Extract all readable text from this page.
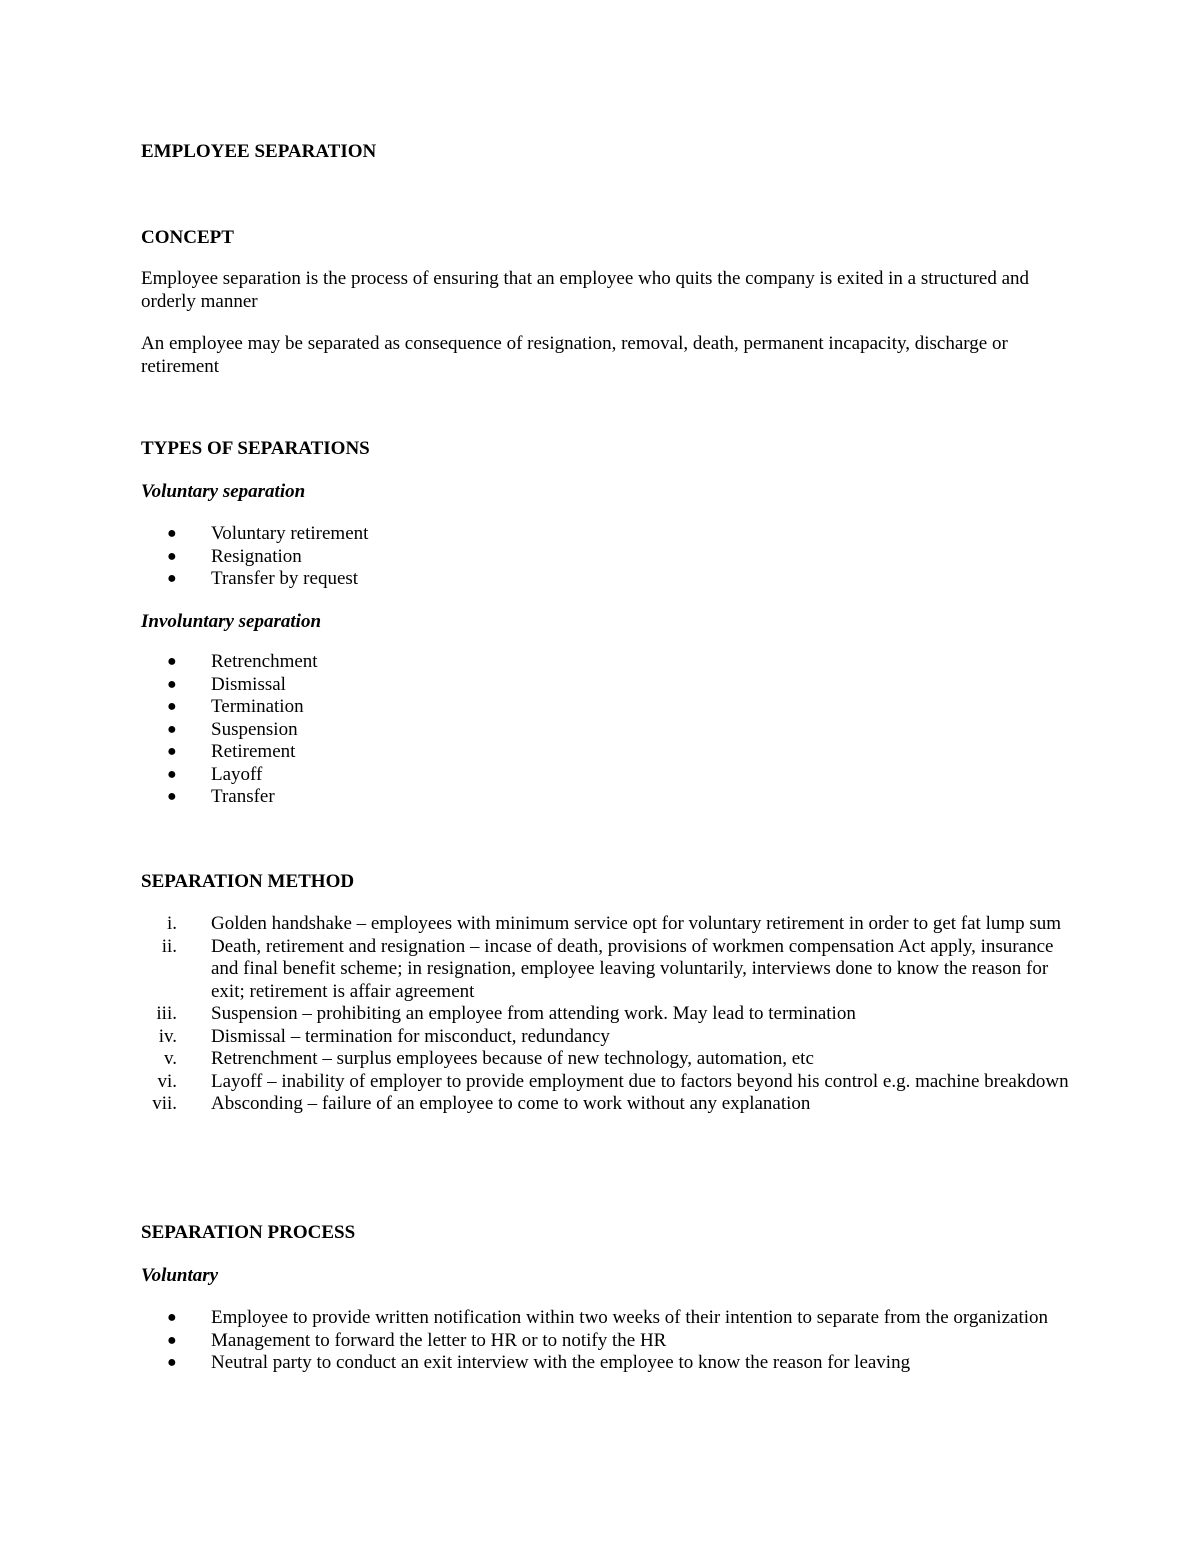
EMPLOYEE SEPARATION
CONCEPT

Employee separation is the process of ensuring that an employee who quits the company is exited in a structured and orderly manner

An employee may be separated as consequence of resignation, removal, death, permanent incapacity, discharge or retirement

TYPES OF SEPARATIONS
Voluntary separation
● Voluntary retirement
● Resignation
● Transfer by request
Involuntary separation
● Retrenchment
● Dismissal
● Termination
● Suspension
● Retirement
● Layoff
● Transfer
SEPARATION METHOD
i. Golden handshake – employees with minimum service opt for voluntary retirement in order to get fat lump sum
ii. Death, retirement and resignation – incase of death, provisions of workmen compensation Act apply, insurance and final benefit scheme; in resignation, employee leaving voluntarily, interviews done to know the reason for exit; retirement is affair agreement
iii. Suspension – prohibiting an employee from attending work. May lead to termination
iv. Dismissal – termination for misconduct, redundancy
v. Retrenchment – surplus employees because of new technology, automation, etc
vi. Layoff – inability of employer to provide employment due to factors beyond his control e.g. machine breakdown
vii. Absconding – failure of an employee to come to work without any explanation
SEPARATION PROCESS
Voluntary
● Employee to provide written notification within two weeks of their intention to separate from the organization
● Management to forward the letter to HR or to notify the HR
● Neutral party to conduct an exit interview with the employee to know the reason for leaving
